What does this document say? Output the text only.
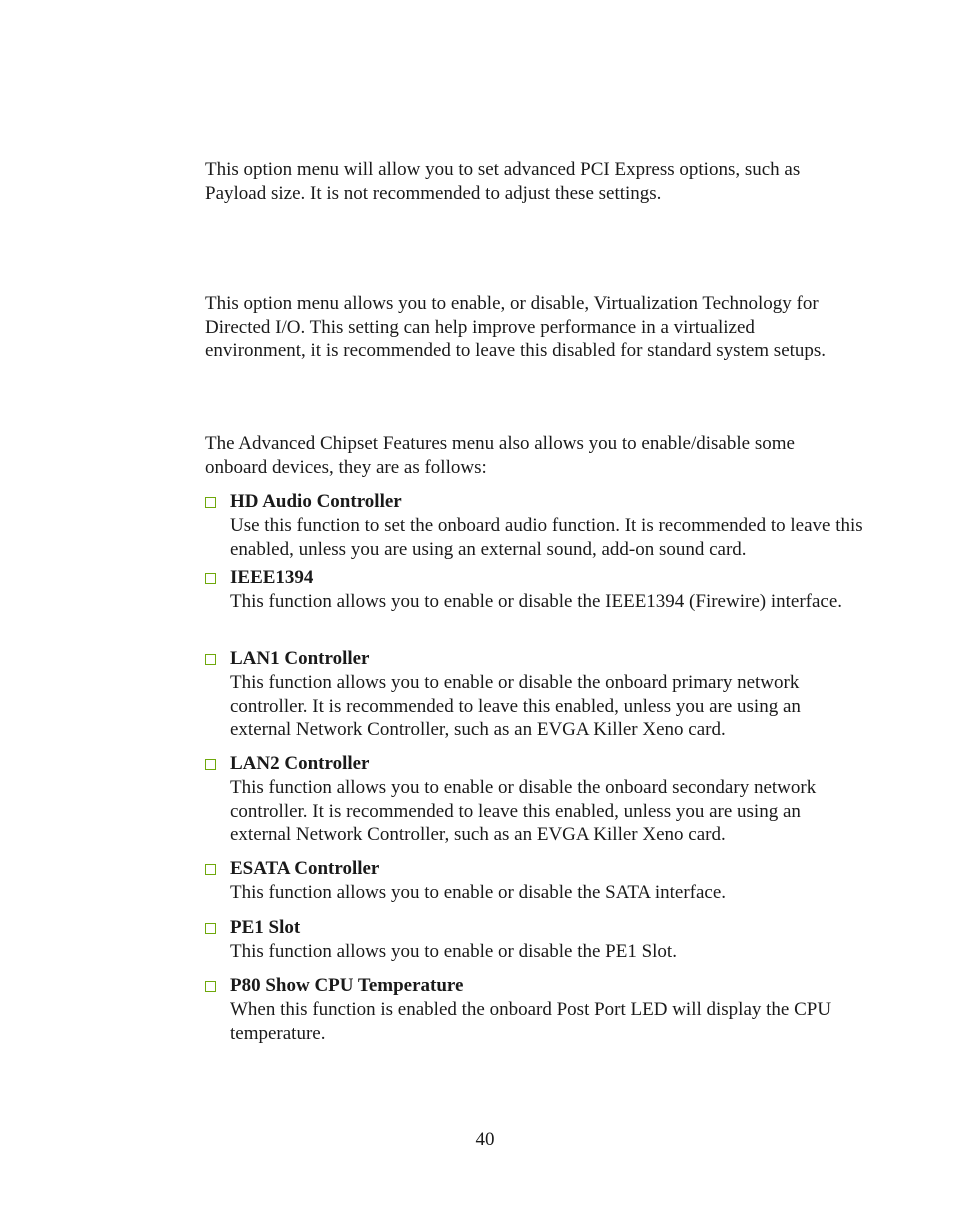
This option menu will allow you to set advanced PCI Express options, such as Payload size. It is not recommended to adjust these settings.

This option menu allows you to enable, or disable, Virtualization Technology for Directed I/O. This setting can help improve performance in a virtualized environment, it is recommended to leave this disabled for standard system setups.

The Advanced Chipset Features menu also allows you to enable/disable some onboard devices, they are as follows:

HD Audio Controller
Use this function to set the onboard audio function. It is recommended to leave this enabled, unless you are using an external sound, add-on sound card.
IEEE1394
This function allows you to enable or disable the IEEE1394 (Firewire) interface.
LAN1 Controller
This function allows you to enable or disable the onboard primary network controller. It is recommended to leave this enabled, unless you are using an external Network Controller, such as an EVGA Killer Xeno card.
LAN2 Controller
This function allows you to enable or disable the onboard secondary network controller. It is recommended to leave this enabled, unless you are using an external Network Controller, such as an EVGA Killer Xeno card.
ESATA Controller
This function allows you to enable or disable the SATA interface.
PE1 Slot
This function allows you to enable or disable the PE1 Slot.
P80 Show CPU Temperature
When this function is enabled the onboard Post Port LED will display the CPU temperature.
40
